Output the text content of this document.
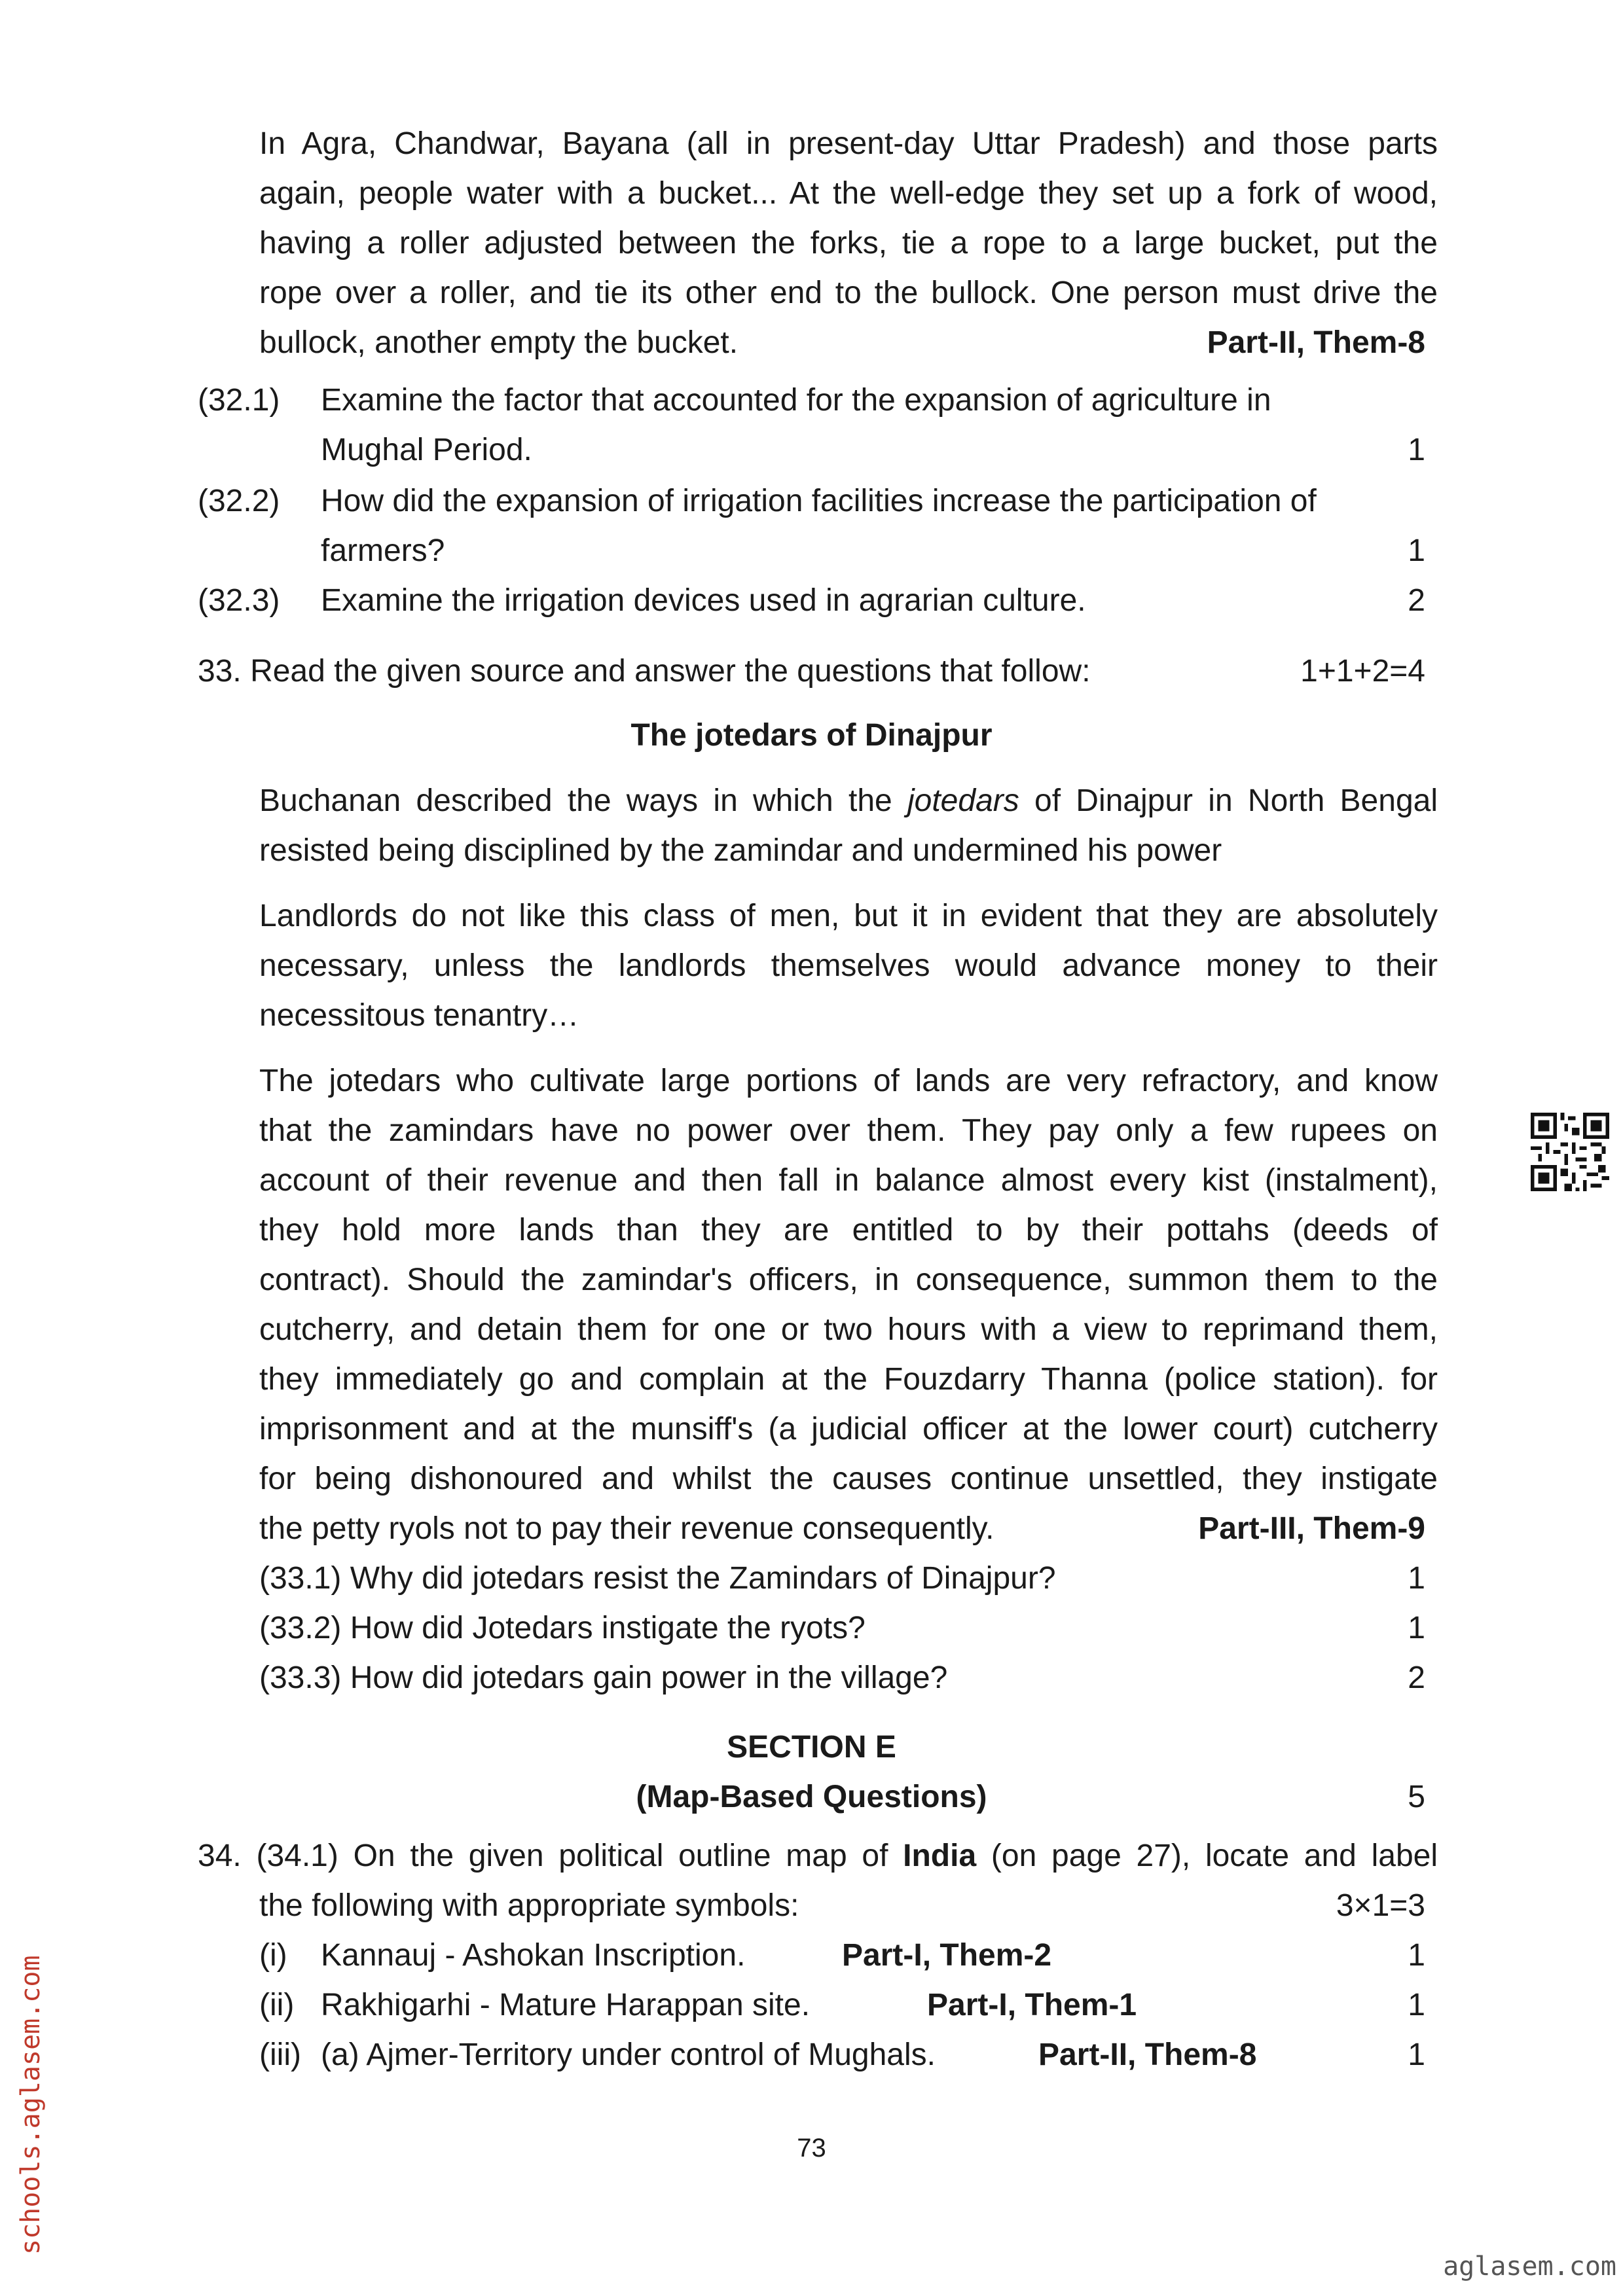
In Agra, Chandwar, Bayana (all in present-day Uttar Pradesh) and those parts
again, people water with a bucket... At the well-edge they set up a fork of wood,
having a roller adjusted between the forks, tie a rope to a large bucket, put the
rope over a roller, and tie its other end to the bullock. One person must drive the
bullock, another empty the bucket.	Part-II, Them-8
(32.1) Examine the factor that accounted for the expansion of agriculture in
Mughal Period.	1
(32.2) How did the expansion of irrigation facilities increase the participation of
farmers?	1
(32.3) Examine the irrigation devices used in agrarian culture.	2
33. Read the given source and answer the questions that follow:	1+1+2=4
The jotedars of Dinajpur
Buchanan described the ways in which the jotedars of Dinajpur in North Bengal
resisted being disciplined by the zamindar and undermined his power
Landlords do not like this class of men, but it in evident that they are absolutely
necessary, unless the landlords themselves would advance money to their
necessitous tenantry…
The jotedars who cultivate large portions of lands are very refractory, and know
that the zamindars have no power over them. They pay only a few rupees on
account of their revenue and then fall in balance almost every kist (instalment),
they hold more lands than they are entitled to by their pottahs (deeds of
contract). Should the zamindar's officers, in consequence, summon them to the
cutcherry, and detain them for one or two hours with a view to reprimand them,
they immediately go and complain at the Fouzdarry Thanna (police station). for
imprisonment and at the munsiff's (a judicial officer at the lower court) cutcherry
for being dishonoured and whilst the causes continue unsettled, they instigate
the petty ryols not to pay their revenue consequently.	Part-III, Them-9
(33.1) Why did jotedars resist the Zamindars of Dinajpur?	1
(33.2) How did Jotedars instigate the ryots?	1
(33.3) How did jotedars gain power in the village?	2
SECTION E
(Map-Based Questions)	5
34. (34.1) On the given political outline map of India (on page 27), locate and label
the following with appropriate symbols:	3×1=3
(i) Kannauj - Ashokan Inscription.	Part-I, Them-2	1
(ii) Rakhigarhi - Mature Harappan site.	Part-I, Them-1	1
(iii) (a) Ajmer-Territory under control of Mughals.	Part-II, Them-8	1
73
schools.aglasem.com
aglasem.com
